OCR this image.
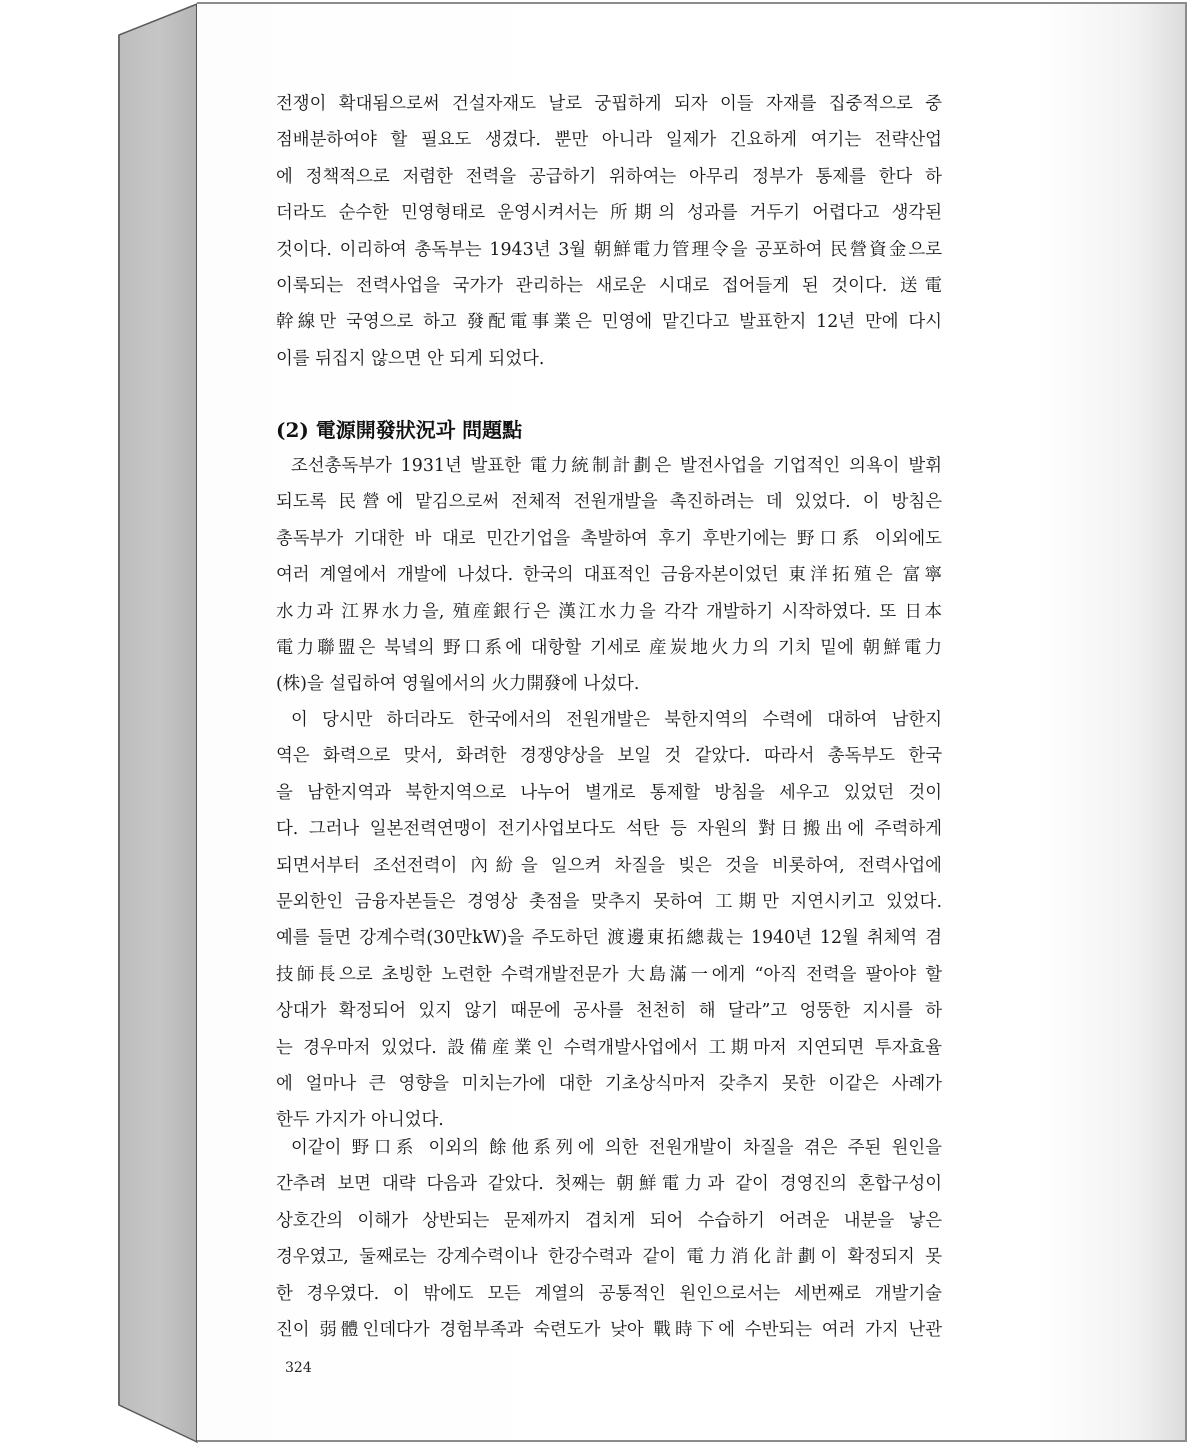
전쟁이 확대됨으로써 건설자재도 날로 궁핍하게 되자 이들 자재를 집중적으로 중
점배분하여야 할 필요도 생겼다. 뿐만 아니라 일제가 긴요하게 여기는 전략산업
에 정책적으로 저렴한 전력을 공급하기 위하여는 아무리 정부가 통제를 한다 하
더라도 순수한 민영형태로 운영시켜서는 所期의 성과를 거두기 어렵다고 생각된
것이다. 이리하여 총독부는 1943년 3월 朝鮮電力管理令을 공포하여 民營資金으로
이룩되는 전력사업을 국가가 관리하는 새로운 시대로 접어들게 된 것이다. 送電
幹線만 국영으로 하고 發配電事業은 민영에 맡긴다고 발표한지 12년 만에 다시
이를 뒤집지 않으면 안 되게 되었다.
(2) 電源開發狀況과 問題點
조선총독부가 1931년 발표한 電力統制計劃은 발전사업을 기업적인 의욕이 발휘
되도록 民營에 맡김으로써 전체적 전원개발을 촉진하려는 데 있었다. 이 방침은
총독부가 기대한 바 대로 민간기업을 촉발하여 후기 후반기에는 野口系 이외에도
여러 계열에서 개발에 나섰다. 한국의 대표적인 금융자본이었던 東洋拓殖은 富寧
水力과 江界水力을, 殖産銀行은 漢江水力을 각각 개발하기 시작하였다. 또 日本
電力聯盟은 북녘의 野口系에 대항할 기세로 産炭地火力의 기치 밑에 朝鮮電力
(株)을 설립하여 영월에서의 火力開發에 나섰다.
이 당시만 하더라도 한국에서의 전원개발은 북한지역의 수력에 대하여 남한지
역은 화력으로 맞서, 화려한 경쟁양상을 보일 것 같았다. 따라서 총독부도 한국
을 남한지역과 북한지역으로 나누어 별개로 통제할 방침을 세우고 있었던 것이
다. 그러나 일본전력연맹이 전기사업보다도 석탄 등 자원의 對日搬出에 주력하게
되면서부터 조선전력이 內紛을 일으켜 차질을 빚은 것을 비롯하여, 전력사업에
문외한인 금융자본들은 경영상 촛점을 맞추지 못하여 工期만 지연시키고 있었다.
예를 들면 강계수력(30만kW)을 주도하던 渡邊東拓總裁는 1940년 12월 취체역 겸
技師長으로 초빙한 노련한 수력개발전문가 大島滿一에게 “아직 전력을 팔아야 할
상대가 확정되어 있지 않기 때문에 공사를 천천히 해 달라”고 엉뚱한 지시를 하
는 경우마저 있었다. 設備産業인 수력개발사업에서 工期마저 지연되면 투자효율
에 얼마나 큰 영향을 미치는가에 대한 기초상식마저 갖추지 못한 이같은 사례가
한두 가지가 아니었다.
이같이 野口系 이외의 餘他系列에 의한 전원개발이 차질을 겪은 주된 원인을
간추려 보면 대략 다음과 같았다. 첫째는 朝鮮電力과 같이 경영진의 혼합구성이
상호간의 이해가 상반되는 문제까지 겹치게 되어 수습하기 어려운 내분을 낳은
경우였고, 둘째로는 강계수력이나 한강수력과 같이 電力消化計劃이 확정되지 못
한 경우였다. 이 밖에도 모든 계열의 공통적인 원인으로서는 세번째로 개발기술
진이 弱體인데다가 경험부족과 숙련도가 낮아 戰時下에 수반되는 여러 가지 난관
324
